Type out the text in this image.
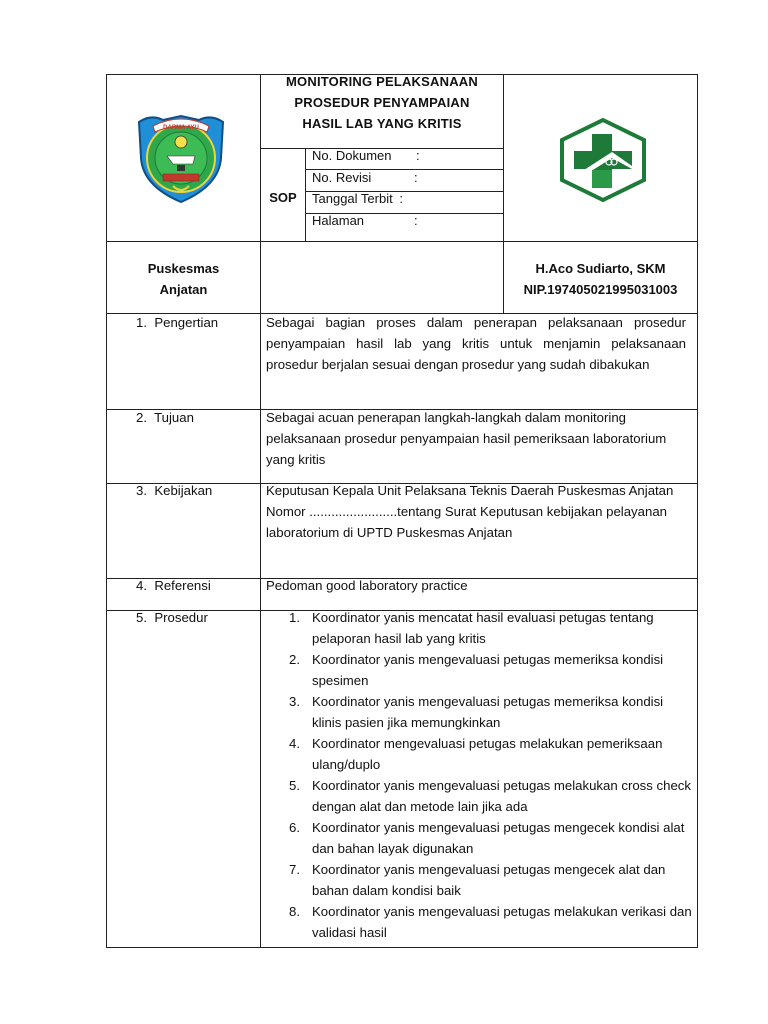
DARMA AYU
MONITORING PELAKSANAAN
PROSEDUR PENYAMPAIAN
HASIL LAB YANG KRITIS
SOP
No. Dokumen :
No. Revisi	:
Tanggal Terbit :
Halaman	:
Puskesmas
Anjatan
H.Aco Sudiarto, SKM
NIP.197405021995031003
1.  Pengertian	Sebagai bagian proses dalam penerapan pelaksanaan prosedur penyampaian hasil lab yang kritis untuk menjamin pelaksanaan prosedur berjalan sesuai dengan prosedur yang sudah dibakukan
2.  Tujuan	Sebagai acuan penerapan langkah-langkah dalam monitoring pelaksanaan prosedur penyampaian hasil pemeriksaan laboratorium yang kritis
3.  Kebijakan	Keputusan Kepala Unit Pelaksana Teknis Daerah Puskesmas Anjatan Nomor ........................tentang Surat Keputusan kebijakan pelayanan laboratorium di UPTD Puskesmas Anjatan
4.  Referensi	Pedoman good laboratory practice
5.  Prosedur	1. Koordinator yanis mencatat hasil evaluasi petugas tentang pelaporan hasil lab yang kritis
2. Koordinator yanis mengevaluasi petugas memeriksa kondisi spesimen
3. Koordinator yanis mengevaluasi petugas memeriksa kondisi klinis pasien jika memungkinkan
4. Koordinator mengevaluasi petugas melakukan pemeriksaan ulang/duplo
5. Koordinator yanis mengevaluasi petugas melakukan cross check dengan alat dan metode lain jika ada
6. Koordinator yanis mengevaluasi petugas mengecek kondisi alat dan bahan layak digunakan
7. Koordinator yanis mengevaluasi petugas mengecek alat dan bahan dalam kondisi baik
8. Koordinator yanis mengevaluasi petugas melakukan verikasi dan validasi hasil
